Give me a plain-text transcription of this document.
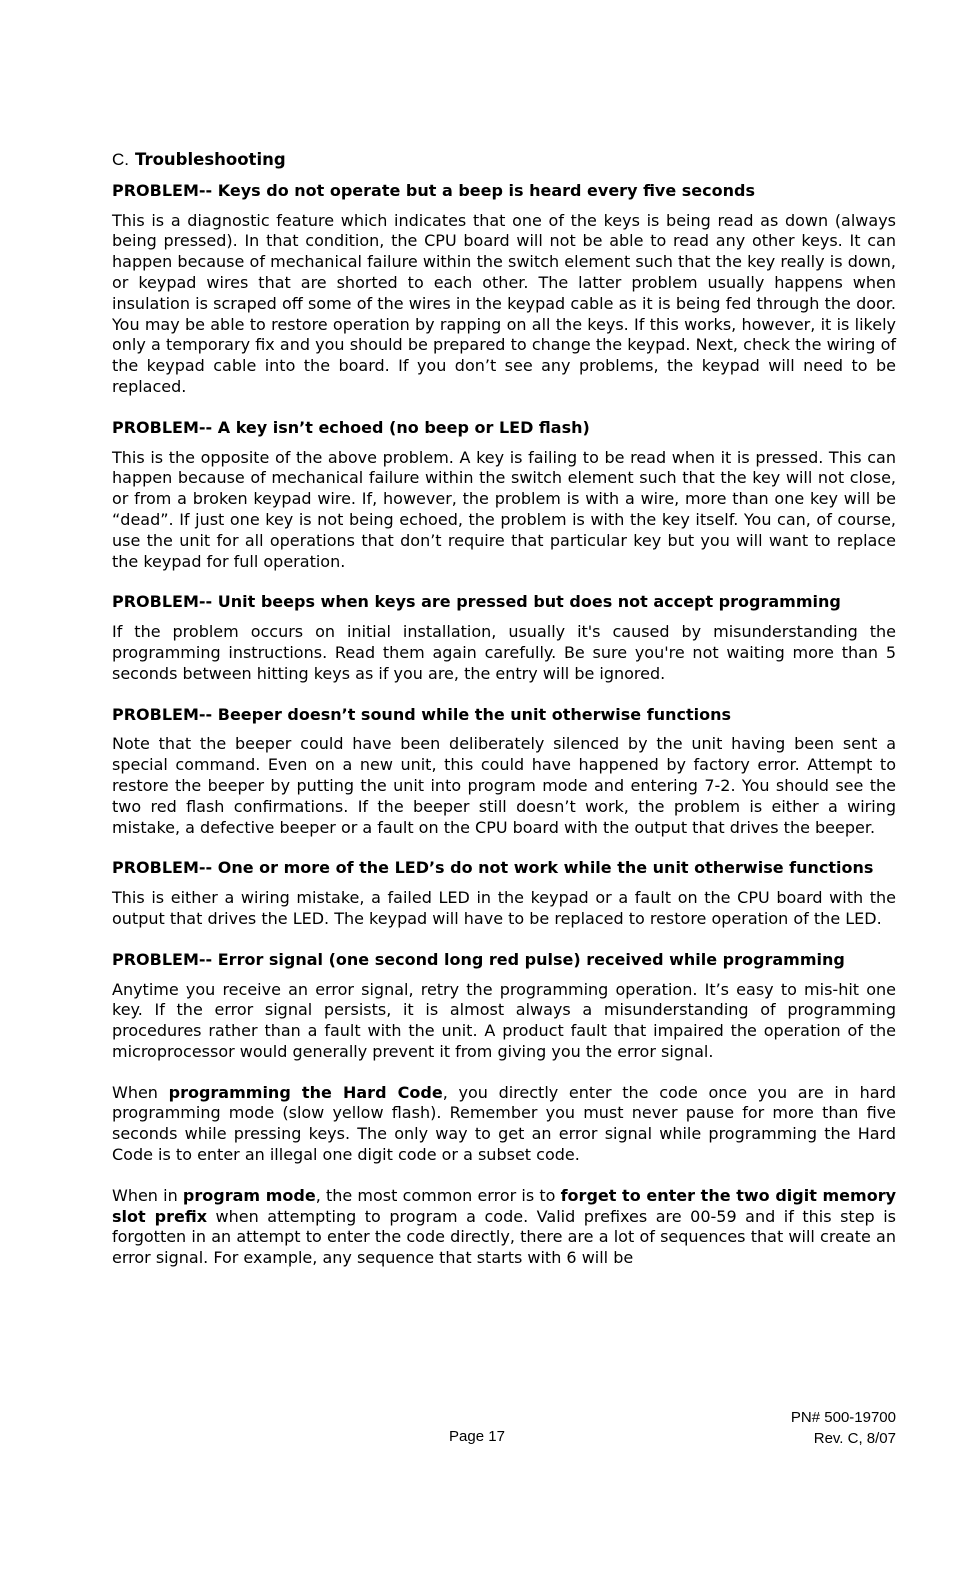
C. Troubleshooting
PROBLEM-- Keys do not operate but a beep is heard every five seconds
This is a diagnostic feature which indicates that one of the keys is being read as down (always being pressed). In that condition, the CPU board will not be able to read any other keys. It can happen because of mechanical failure within the switch element such that the key really is down, or keypad wires that are shorted to each other. The latter problem usually happens when insulation is scraped off some of the wires in the keypad cable as it is being fed through the door. You may be able to restore operation by rapping on all the keys. If this works, however, it is likely only a temporary fix and you should be prepared to change the keypad. Next, check the wiring of the keypad cable into the board. If you don’t see any problems, the keypad will need to be replaced.
PROBLEM-- A key isn’t echoed (no beep or LED flash)
This is the opposite of the above problem. A key is failing to be read when it is pressed. This can happen because of mechanical failure within the switch element such that the key will not close, or from a broken keypad wire. If, however, the problem is with a wire, more than one key will be “dead”. If just one key is not being echoed, the problem is with the key itself. You can, of course, use the unit for all operations that don’t require that particular key but you will want to replace the keypad for full operation.
PROBLEM-- Unit beeps when keys are pressed but does not accept programming
If the problem occurs on initial installation, usually it's caused by misunderstanding the programming instructions. Read them again carefully. Be sure you're not waiting more than 5 seconds between hitting keys as if you are, the entry will be ignored.
PROBLEM-- Beeper doesn’t sound while the unit otherwise functions
Note that the beeper could have been deliberately silenced by the unit having been sent a special command. Even on a new unit, this could have happened by factory error. Attempt to restore the beeper by putting the unit into program mode and entering 7-2. You should see the two red flash confirmations. If the beeper still doesn’t work, the problem is either a wiring mistake, a defective beeper or a fault on the CPU board with the output that drives the beeper.
PROBLEM-- One or more of the LED’s do not work while the unit otherwise functions
This is either a wiring mistake, a failed LED in the keypad or a fault on the CPU board with the output that drives the LED. The keypad will have to be replaced to restore operation of the LED.
PROBLEM-- Error signal (one second long red pulse) received while programming
Anytime you receive an error signal, retry the programming operation. It’s easy to mis-hit one key. If the error signal persists, it is almost always a misunderstanding of programming procedures rather than a fault with the unit. A product fault that impaired the operation of the microprocessor would generally prevent it from giving you the error signal.
When programming the Hard Code, you directly enter the code once you are in hard programming mode (slow yellow flash). Remember you must never pause for more than five seconds while pressing keys. The only way to get an error signal while programming the Hard Code is to enter an illegal one digit code or a subset code.
When in program mode, the most common error is to forget to enter the two digit memory slot prefix when attempting to program a code. Valid prefixes are 00-59 and if this step is forgotten in an attempt to enter the code directly, there are a lot of sequences that will create an error signal. For example, any sequence that starts with 6 will be
Page 17
PN# 500-19700
Rev. C, 8/07
